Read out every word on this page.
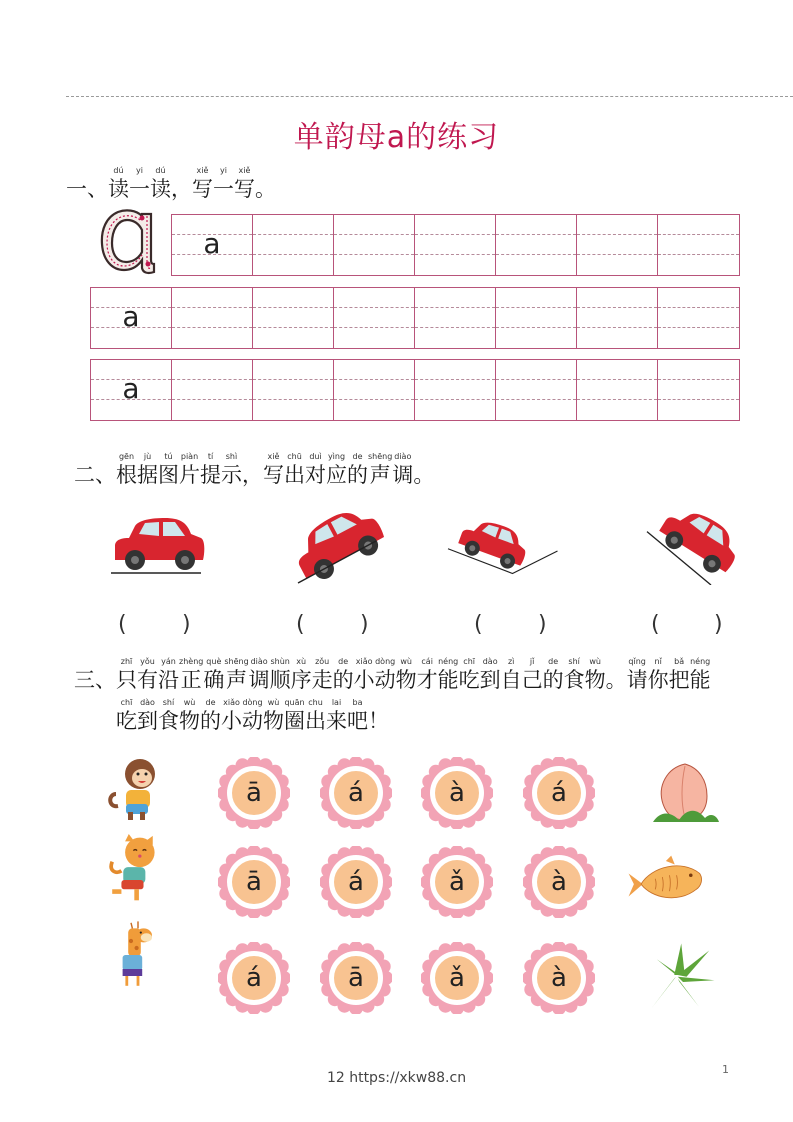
单韵母a的练习
一、
dú
读
yi
一
dú
读 ，
xiě
写
yi
一
xiě
写 。
a
a
a
二、
gēn
根
jù
据
tú
图
piàn
片
tí
提
shì
示 ，
xiě
写
chū
出
duì
对
yìng
应
de
的
shēng
声
diào
调 。
(	)	(	)	(	)	( )
三、
zhī
只
yǒu
有
yán
沿
zhèng
正
què
确
shēng
声
diào
调
shùn
顺
xù
序
zǒu
走
de
的
xiǎo
小
dòng
动
wù
物
cái
才
néng
能
chī
吃
dào
到
zì
自
jǐ
己
de
的
shí
食
wù
物 。
qǐng
请
nǐ
你
bǎ
把
néng
能
chī
吃
dào
到
shí
食
wù
物
de
的
xiǎo
小
dòng
动
wù
物
quān
圈
chu
出
lai
来
ba
吧 ！
ā	á	à	á
ā	á	ǎ	à
á	ā	ǎ	à
12 https://xkw88.cn
1
